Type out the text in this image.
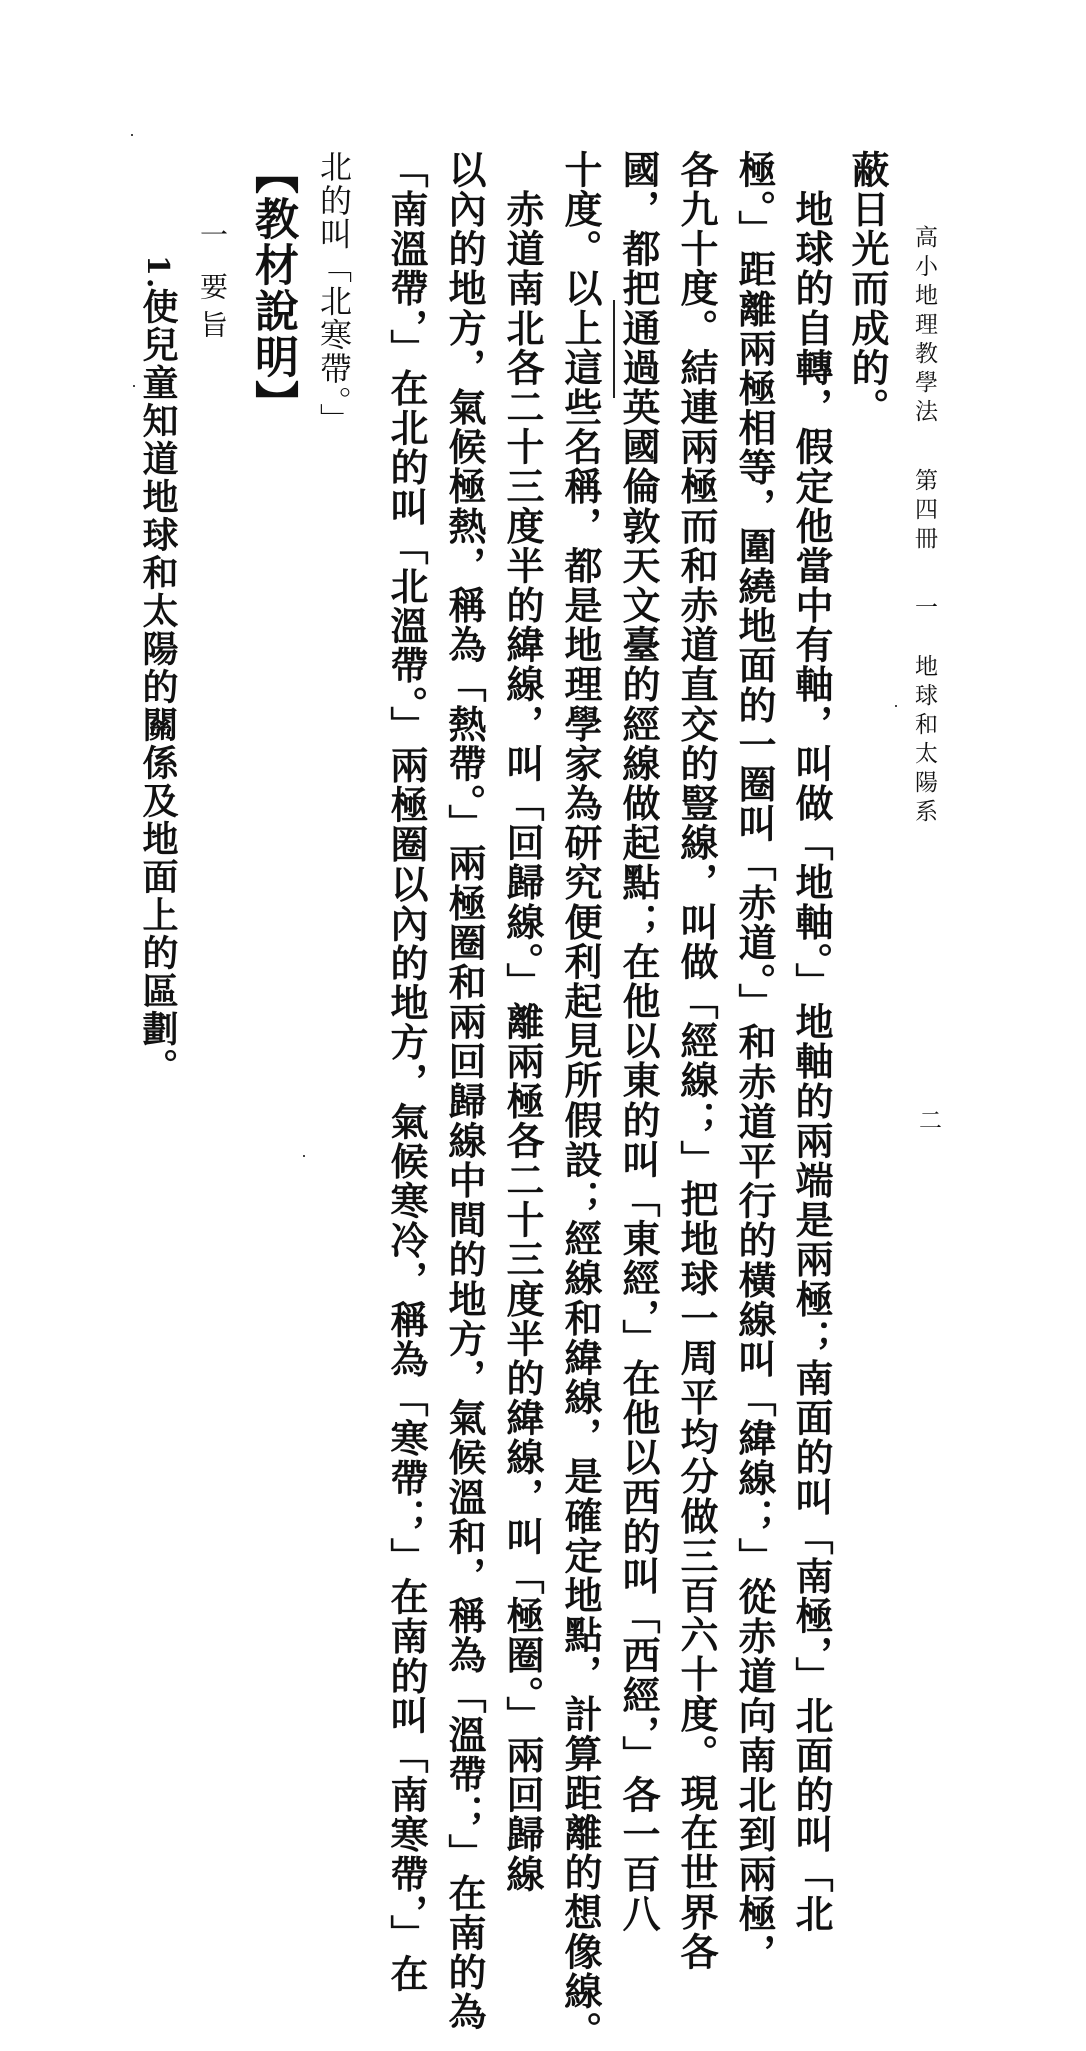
高小地理教學法第四冊一地球和太陽系
二
蔽日光而成的。
　地球的自轉，假定他當中有軸，叫做「地軸。」地軸的兩端是兩極；南面的叫「南極，」北面的叫「北
極。」距離兩極相等，圍繞地面的一圈叫「赤道。」和赤道平行的橫線叫「緯線；」從赤道向南北到兩極，
各九十度。結連兩極而和赤道直交的豎線，叫做「經線；」把地球一周平均分做三百六十度。現在世界各
國，都把通過英國倫敦天文臺的經線做起點；在他以東的叫「東經，」在他以西的叫「西經，」各一百八
十度。以上這些名稱，都是地理學家為研究便利起見所假設；經線和緯線，是確定地點，計算距離的想像線。
　赤道南北各二十三度半的緯線，叫「回歸線。」離兩極各二十三度半的緯線，叫「極圈。」兩回歸線
以內的地方，氣候極熱，稱為「熱帶。」兩極圈和兩回歸線中間的地方，氣候溫和，稱為「溫帶；」在南的為
「南溫帶，」在北的叫「北溫帶。」兩極圈以內的地方，氣候寒冷，稱為「寒帶；」在南的叫「南寒帶，」在
北的叫「北寒帶。」
【教材說明】
一
要旨
1.
使兒童知道地球和太陽的關係及地面上的區劃。
